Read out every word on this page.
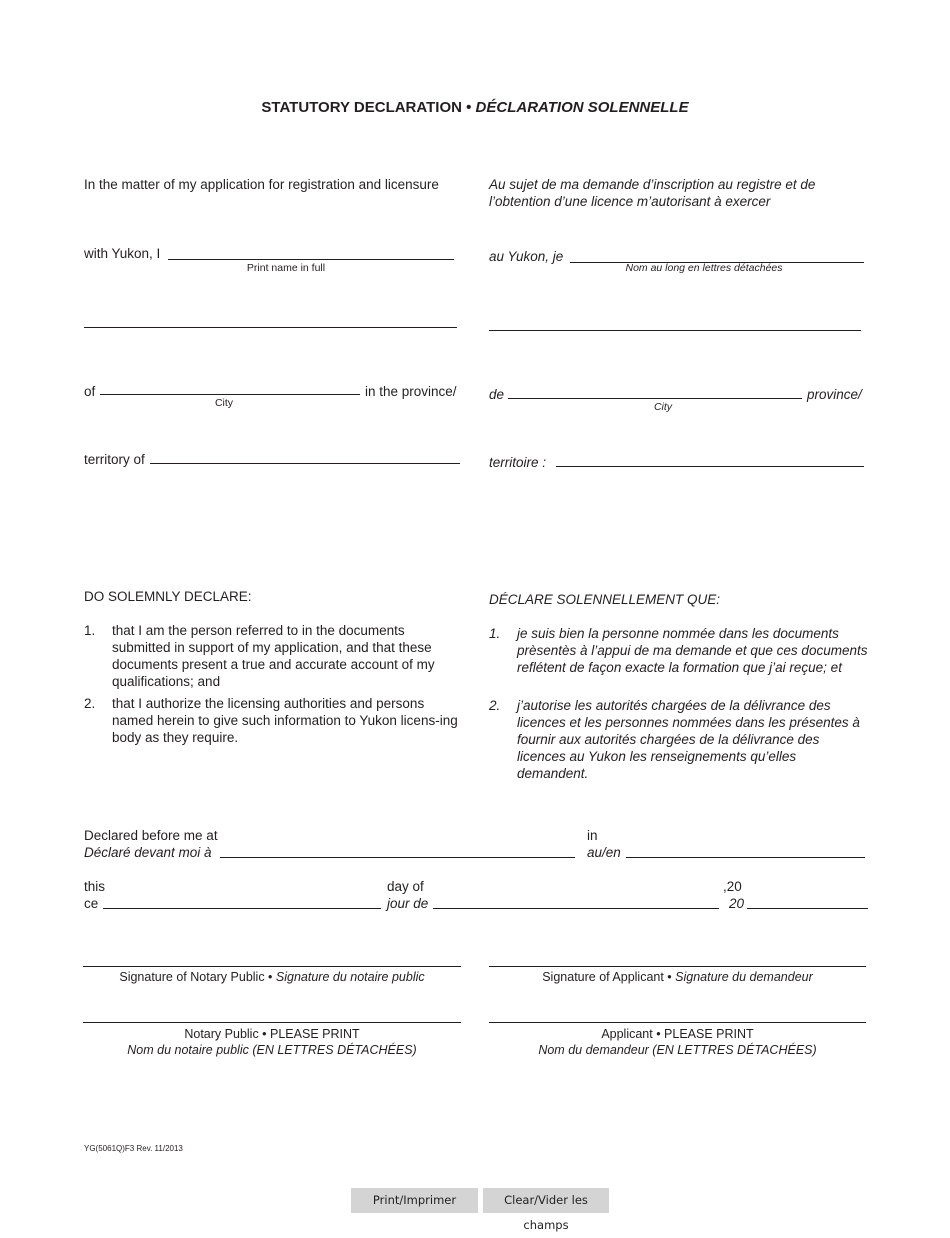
STATUTORY DECLARATION • DÉCLARATION SOLENNELLE
In the matter of my application for registration and licensure
with Yukon, I
Print name in full
of	in the province/
City
territory of
DO SOLEMNLY DECLARE:
1. that I am the person referred to in the documents submitted in support of my application, and that these documents present a true and accurate account of my qualifications; and
2. that I authorize the licensing authorities and persons named herein to give such information to Yukon licens-ing body as they require.
Au sujet de ma demande d’inscription au registre et de
l’obtention d’une licence m’autorisant à exercer
au Yukon, je
Nom au long en lettres détachées
de	province/
City
territoire :
DÉCLARE SOLENNELLEMENT QUE:
1. je suis bien la personne nommée dans les documents prèsentès à l’appui de ma demande et que ces documents reflétent de façon exacte la formation que j’ai reçue; et
2. j’autorise les autorités chargées de la délivrance des licences et les personnes nommées dans les présentes à fournir aux autorités chargées de la délivrance des licences au Yukon les renseignements qu’elles demandent.
Declared before me at
Déclaré devant moi à
in
au/en
this
ce
day of
jour de
,20
20
Signature of Notary Public • Signature du notaire public	Signature of Applicant • Signature du demandeur
Notary Public • PLEASE PRINT
Nom du notaire public (EN LETTRES DÉTACHÉES)
Applicant • PLEASE PRINT
Nom du demandeur (EN LETTRES DÉTACHÉES)
YG(5061Q)F3 Rev. 11/2013
Print/Imprimer	Clear/Vider les champs
